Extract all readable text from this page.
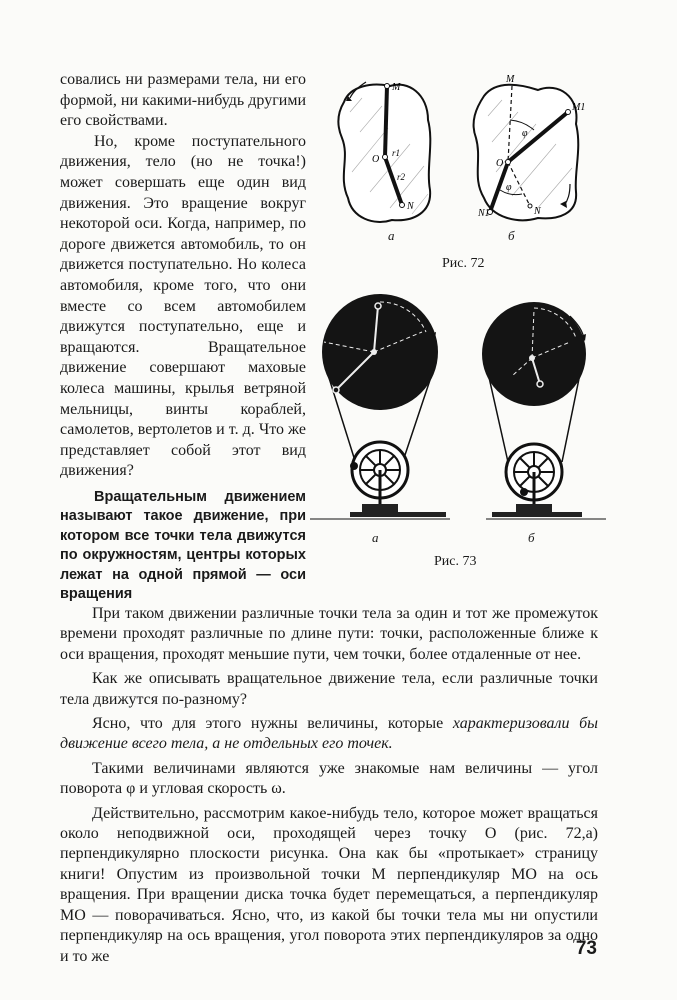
совались ни размерами тела, ни его формой, ни какими-нибудь другими его свойствами.

Но, кроме поступательного движения, тело (но не точка!) может совершать еще один вид движения. Это вращение вокруг некоторой оси. Когда, например, по дороге движется автомобиль, то он движется поступательно. Но колеса автомобиля, кроме того, что они вместе со всем автомобилем движутся поступательно, еще и вращаются. Вращательное движение совершают маховые колеса машины, крылья ветряной мельницы, винты кораблей, самолетов, вертолетов и т. д. Что же представляет собой этот вид движения?

Вращательным движением называют такое движение, при котором все точки тела движутся по окружностям, центры которых лежат на одной прямой — оси вращения

M
O
r1
r2
N
а
M
M1
O
φ
φ
N1	N
б
Рис. 72
а	б
Рис. 73

При таком движении различные точки тела за один и тот же промежуток времени проходят различные по длине пути: точки, расположенные ближе к оси вращения, проходят меньшие пути, чем точки, более отдаленные от нее.

Как же описывать вращательное движение тела, если различные точки тела движутся по-разному?

Ясно, что для этого нужны величины, которые характеризовали бы движение всего тела, а не отдельных его точек.

Такими величинами являются уже знакомые нам величины — угол поворота φ и угловая скорость ω.

Действительно, рассмотрим какое-нибудь тело, которое может вращаться около неподвижной оси, проходящей через точку O (рис. 72,а) перпендикулярно плоскости рисунка. Она как бы «протыкает» страницу книги! Опустим из произвольной точки M перпендикуляр MO на ось вращения. При вращении диска точка будет перемещаться, а перпендикуляр MO — поворачиваться. Ясно, что, из какой бы точки тела мы ни опустили перпендикуляр на ось вращения, угол поворота этих перпендикуляров за одно и то же	73
